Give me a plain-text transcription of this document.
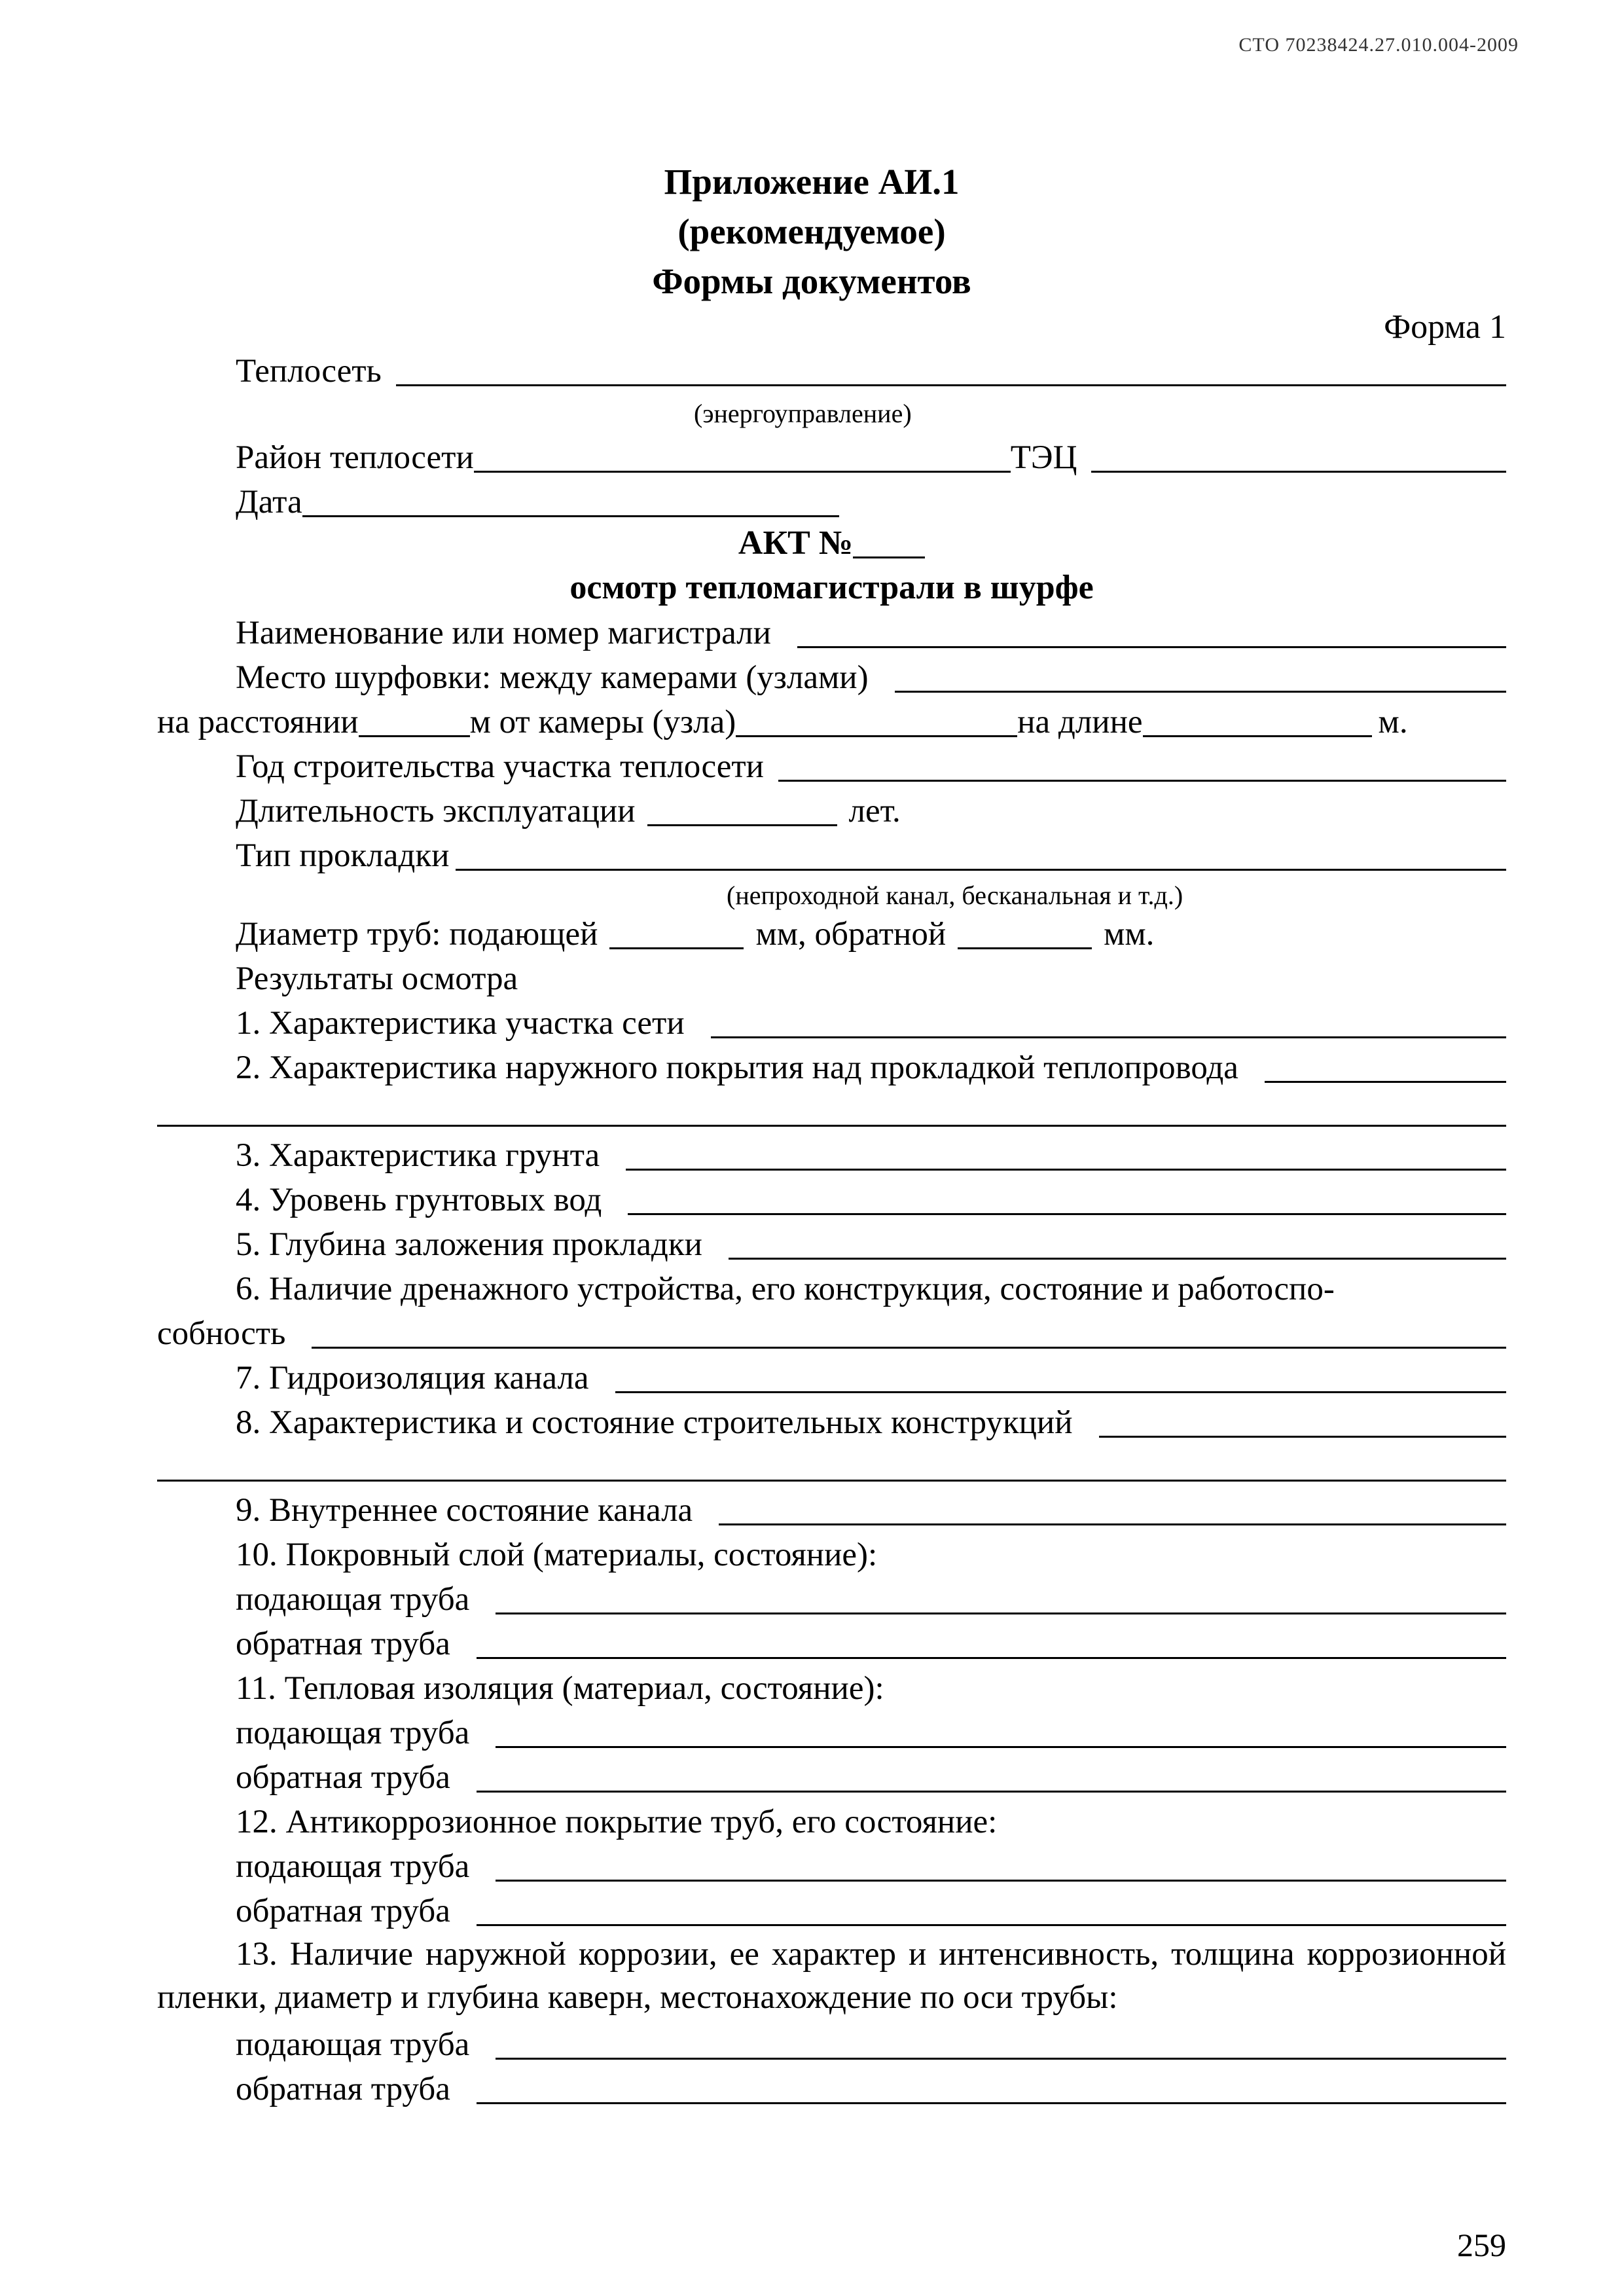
СТО 70238424.27.010.004-2009
Приложение АИ.1
(рекомендуемое)
Формы документов
Форма 1
Теплосеть
(энергоуправление)
Район теплосети	ТЭЦ
Дата
АКТ №
осмотр тепломагистрали в шурфе
Наименование или номер магистрали
Место шурфовки: между камерами (узлами)
на расстоянии	м от камеры (узла)	на длине	м.
Год строительства участка теплосети
Длительность эксплуатации	лет.
Тип прокладки
(непроходной канал, бесканальная и т.д.)
Диаметр труб: подающей	мм, обратной	мм.
Результаты осмотра
1. Характеристика участка сети
2. Характеристика наружного покрытия над прокладкой теплопровода
3. Характеристика грунта
4. Уровень грунтовых вод
5. Глубина заложения прокладки
6. Наличие дренажного устройства, его конструкция, состояние и работоспо-
собность
7. Гидроизоляция канала
8. Характеристика и состояние строительных конструкций
9. Внутреннее состояние канала
10. Покровный слой (материалы, состояние):
подающая труба
обратная труба
11. Тепловая изоляция (материал, состояние):
подающая труба
обратная труба
12. Антикоррозионное покрытие труб, его состояние:
подающая труба
обратная труба
13. Наличие наружной коррозии, ее характер и интенсивность, толщина коррозионной пленки, диаметр и глубина каверн, местонахождение по оси трубы:
подающая труба
обратная труба
259
